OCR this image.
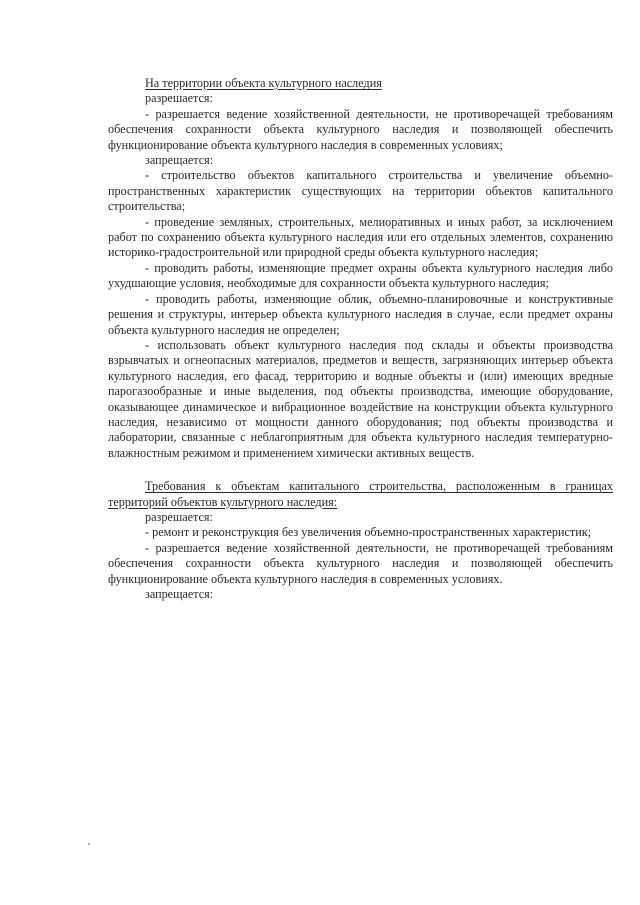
На территории объекта культурного наследия

разрешается:

- разрешается ведение хозяйственной деятельности, не противоречащей требованиям обеспечения сохранности объекта культурного наследия и позволяющей обеспечить функционирование объекта культурного наследия в современных условиях;

запрещается:

- строительство объектов капитального строительства и увеличение объемно-пространственных характеристик существующих на территории объектов капитального строительства;

- проведение земляных, строительных, мелиоративных и иных работ, за исключением работ по сохранению объекта культурного наследия или его отдельных элементов, сохранению историко-градостроительной или природной среды объекта культурного наследия;

- проводить работы, изменяющие предмет охраны объекта культурного наследия либо ухудшающие условия, необходимые для сохранности объекта культурного наследия;

- проводить работы, изменяющие облик, объемно-планировочные и конструктивные решения и структуры, интерьер объекта культурного наследия в случае, если предмет охраны объекта культурного наследия не определен;

- использовать объект культурного наследия под склады и объекты производства взрывчатых и огнеопасных материалов, предметов и веществ, загрязняющих интерьер объекта культурного наследия, его фасад, территорию и водные объекты и (или) имеющих вредные парогазообразные и иные выделения, под объекты производства, имеющие оборудование, оказывающее динамическое и вибрационное воздействие на конструкции объекта культурного наследия, независимо от мощности данного оборудования; под объекты производства и лаборатории, связанные с неблагоприятным для объекта культурного наследия температурно-влажностным режимом и применением химически активных веществ.

Требования к объектам капитального строительства, расположенным в границах территорий объектов культурного наследия:

разрешается:

- ремонт и реконструкция без увеличения объемно-пространственных характеристик;

- разрешается ведение хозяйственной деятельности, не противоречащей требованиям обеспечения сохранности объекта культурного наследия и позволяющей обеспечить функционирование объекта культурного наследия в современных условиях.

запрещается:
